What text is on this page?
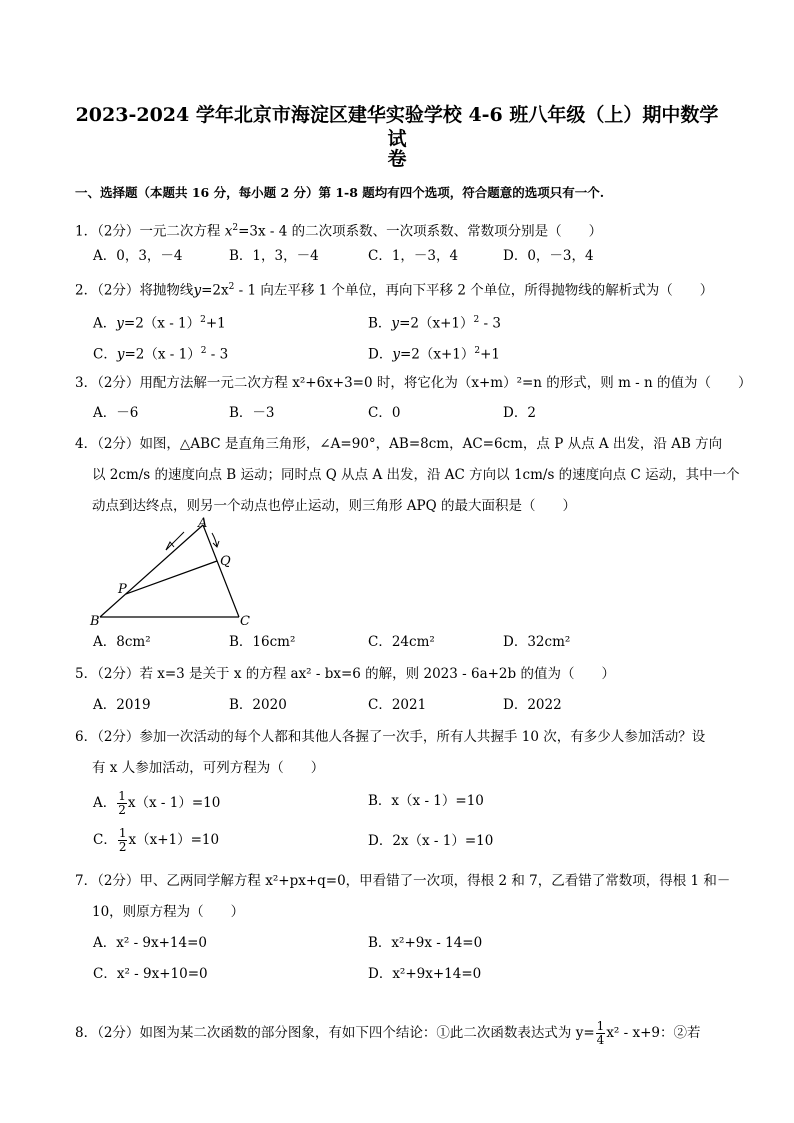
2023-2024 学年北京市海淀区建华实验学校 4-6 班八年级（上）期中数学试
卷
一、选择题（本题共 16 分，每小题 2 分）第 1-8 题均有四个选项，符合题意的选项只有一个.
1．（2分）一元二次方程 $x^2=3x - 4$ 的二次项系数、一次项系数、常数项分别是（　　）
A．0，3，－4	B．1，3，－4	C．1，－3，4	D．0，－3，4
2．（2分）将抛物线$y=2x^2 - 1$ 向左平移 1 个单位，再向下平移 2 个单位，所得抛物线的解析式为（　　）
A．y=2（x - 1）$^2$+1	B．$y=2(x+1)^2 - 3$
C．y=2（x - 1）$^2$ - 3	D．$y=2(x+1)^2+1$
3．（2分）用配方法解一元二次方程 x²+6x+3=0 时，将它化为（x+m）²=n 的形式，则 m - n 的值为（　　）
A．－6	B．－3	C．0	D．2
4．（2分）如图，△ABC 是直角三角形，∠A=90°，AB=8cm，AC=6cm，点 P 从点 A 出发，沿 AB 方向
以 2cm/s 的速度向点 B 运动；同时点 Q 从点 A 出发，沿 AC 方向以 1cm/s 的速度向点 C 运动，其中一个
动点到达终点，则另一个动点也停止运动，则三角形 APQ 的最大面积是（　　）
A
Q
P
B	C
A．8cm²	B．16cm²	C．24cm²	D．32cm²
5．（2分）若 x=3 是关于 x 的方程 ax² - bx=6 的解，则 2023 - 6a+2b 的值为（　　）
A．2019	B．2020	C．2021	D．2022
6．（2分）参加一次活动的每个人都和其他人各握了一次手，所有人共握手 10 次，有多少人参加活动？设
有 x 人参加活动，可列方程为（　　）
A． $\frac{1}{2} x(x - 1)=10$	B．x（x - 1）=10
C． $\frac{1}{2} x(x+1)=10$	D．2x（x - 1）=10
7．（2分）甲、乙两同学解方程 x²+px+q=0，甲看错了一次项，得根 2 和 7，乙看错了常数项，得根 1 和－
10，则原方程为（　　）
A．x² - 9x+14=0	B．x²+9x - 14=0
C．x² - 9x+10=0	D．x²+9x+14=0
8．（2分）如图为某二次函数的部分图象，有如下四个结论：①此二次函数表达式为 $y= \frac{1}{4} x^2 - x+9$：②若
